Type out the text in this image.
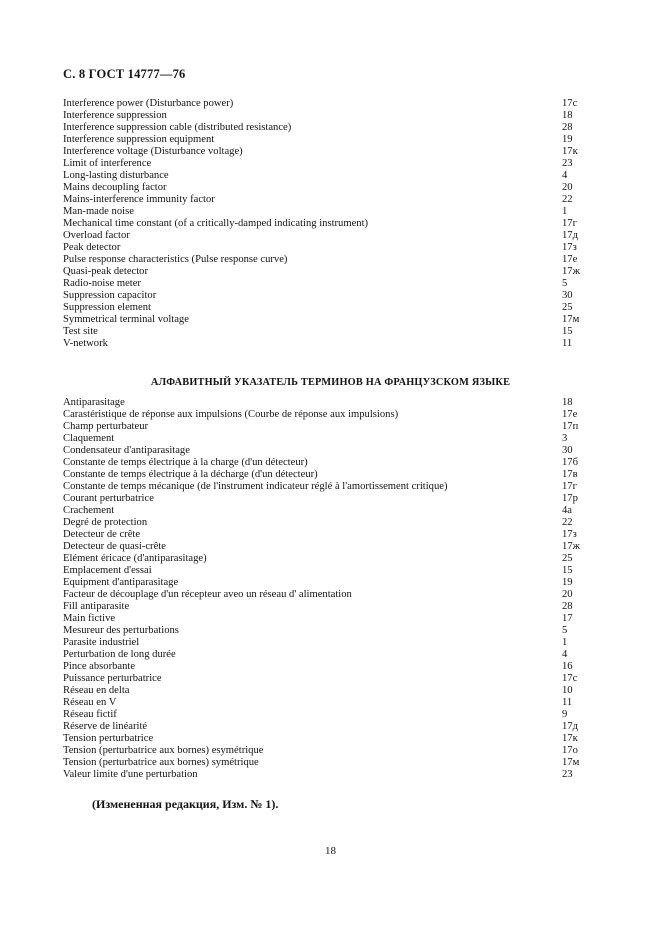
С. 8 ГОСТ 14777—76
Interference power (Disturbance power)	17с
Interference suppression	18
Interference suppression cable (distributed resistance)	28
Interference suppression equipment	19
Interference voltage (Disturbance voltage)	17к
Limit of interference	23
Long-lasting disturbance	4
Mains decoupling factor	20
Mains-interference immunity factor	22
Man-made noise	1
Mechanical time constant (of a critically-damped indicating instrument)	17г
Overload factor	17д
Peak detector	17з
Pulse response characteristics (Pulse response curve)	17е
Quasi-peak detector	17ж
Radio-noise meter	5
Suppression capacitor	30
Suppression element	25
Symmetrical terminal voltage	17м
Test site	15
V-network	11
АЛФАВИТНЫЙ УКАЗАТЕЛЬ ТЕРМИНОВ НА ФРАНЦУЗСКОМ ЯЗЫКЕ
Antiparasitage	18
Carastéristique de réponse aux impulsions (Courbe de réponse aux impulsions)	17е
Champ perturbateur	17п
Claquement	3
Condensateur d'antiparasitage	30
Constante de temps électrique à la charge (d'un détecteur)	17б
Constante de temps électrique à la décharge (d'un détecteur)	17в
Constante de temps mécanique (de l'instrument indicateur réglé à l'amortissement critique)	17г
Courant perturbatrice	17р
Crachement	4а
Degré de protection	22
Detecteur de crête	17з
Detecteur de quasi-crête	17ж
Elément éricace (d'antiparasitage)	25
Emplacement d'essai	15
Equipment d'antiparasitage	19
Facteur de découplage d'un récepteur aveo un réseau d' alimentation	20
Fill antiparasite	28
Main fictive	17
Mesureur des perturbations	5
Parasite industriel	1
Perturbation de long durée	4
Pince absorbante	16
Puissance perturbatrice	17с
Réseau en delta	10
Réseau en V	11
Réseau fictif	9
Réserve de linéarité	17д
Tension perturbatrice	17к
Tension (perturbatrice aux bornes) esymétrique	17о
Tension (perturbatrice aux bornes) symétrique	17м
Valeur limite d'une perturbation	23
(Измененная редакция, Изм. № 1).
18
